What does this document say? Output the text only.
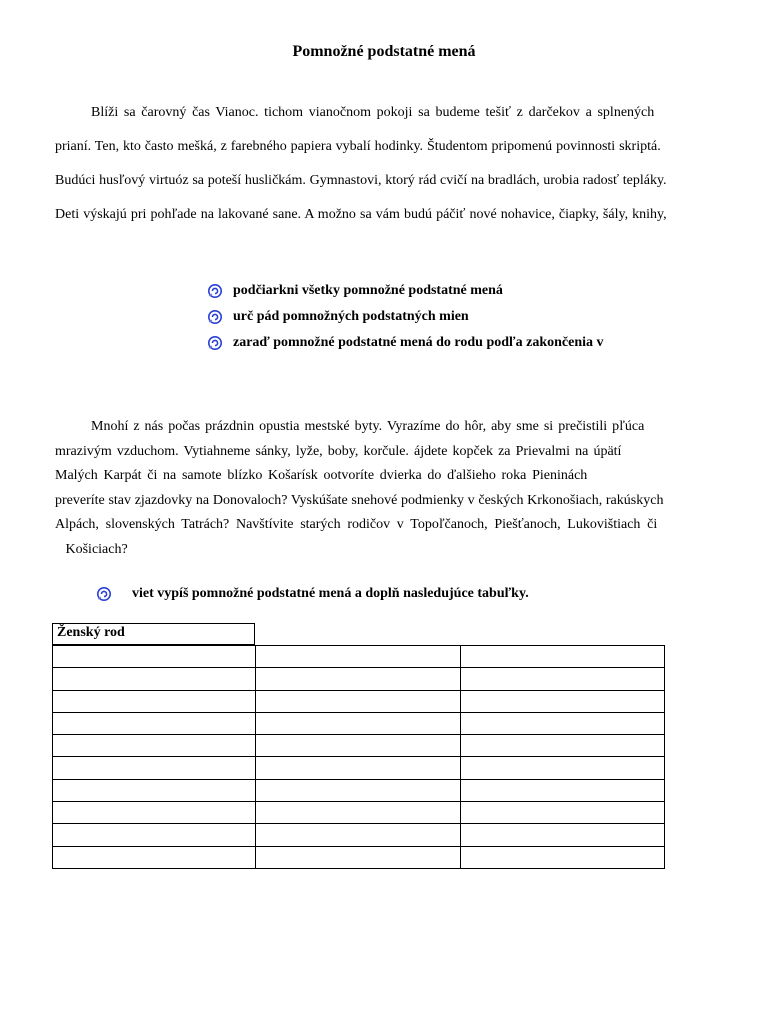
Pomnožné podstatné mená
Blíži sa čarovný čas Vianoc. tichom vianočnom pokoji sa budeme tešiť z darčekov a splnených
prianí. Ten, kto často mešká, z farebného papiera vybalí hodinky. Študentom pripomenú povinnosti skriptá.
Budúci husľový virtuóz sa poteší husličkám. Gymnastovi, ktorý rád cvičí na bradlách, urobia radosť tepláky.
Deti výskajú pri pohľade na lakované sane. A možno sa vám budú páčiť nové nohavice, čiapky, šály, knihy,
podčiarkni všetky pomnožné podstatné mená
urč pád pomnožných podstatných mien
zaraď pomnožné podstatné mená do rodu podľa zakončenia v
Mnohí z nás počas prázdnin opustia mestské byty. Vyrazíme do hôr, aby sme si prečistili pľúca
mrazivým vzduchom. Vytiahneme sánky, lyže, boby, korčule. ájdete kopček za Prievalmi na úpätí
Malých Karpát či na samote blízko Košarísk ootvoríte dvierka do ďalšieho roka Pieninách
preveríte stav zjazdovky na Donovaloch? Vyskúšate snehové podmienky v českých Krkonošiach, rakúskych
Alpách, slovenských Tatrách? Navštívite starých rodičov v Topoľčanoch, Piešťanoch, Lukovištiach či
Košiciach?
viet vypíš pomnožné podstatné mená a doplň nasledujúce tabuľky.
Ženský rod
